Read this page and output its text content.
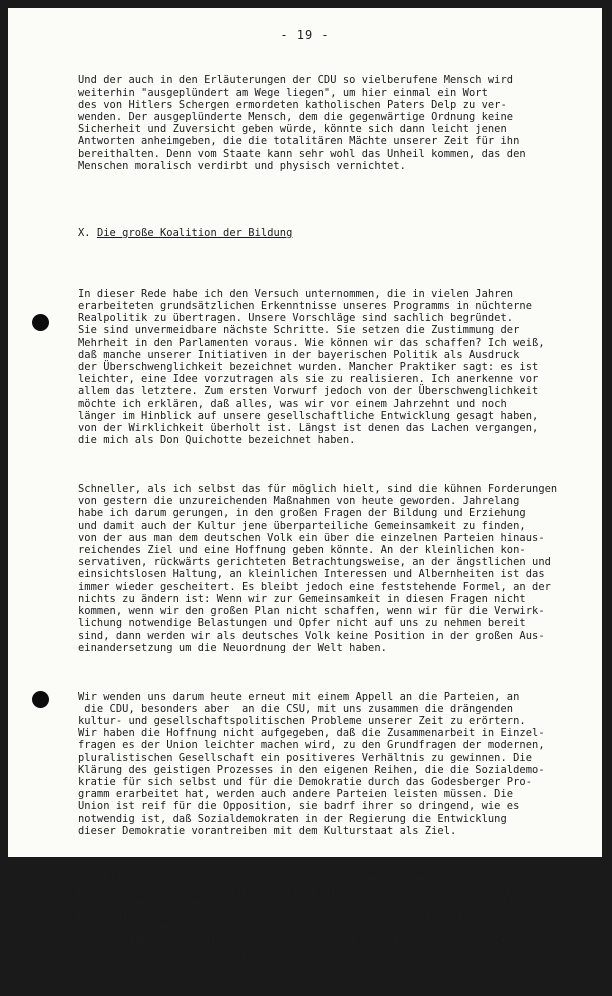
- 19 -

Und der auch in den Erläuterungen der CDU so vielberufene Mensch wird
weiterhin "ausgeplündert am Wege liegen", um hier einmal ein Wort
des von Hitlers Schergen ermordeten katholischen Paters Delp zu ver-
wenden. Der ausgeplünderte Mensch, dem die gegenwärtige Ordnung keine
Sicherheit und Zuversicht geben würde, könnte sich dann leicht jenen
Antworten anheimgeben, die die totalitären Mächte unserer Zeit für ihn
bereithalten. Denn vom Staate kann sehr wohl das Unheil kommen, das den
Menschen moralisch verdirbt und physisch vernichtet.

X. Die große Koalition der Bildung

In dieser Rede habe ich den Versuch unternommen, die in vielen Jahren
erarbeiteten grundsätzlichen Erkenntnisse unseres Programms in nüchterne
Realpolitik zu übertragen. Unsere Vorschläge sind sachlich begründet.
Sie sind unvermeidbare nächste Schritte. Sie setzen die Zustimmung der
Mehrheit in den Parlamenten voraus. Wie können wir das schaffen? Ich weiß,
daß manche unserer Initiativen in der bayerischen Politik als Ausdruck
der Überschwenglichkeit bezeichnet wurden. Mancher Praktiker sagt: es ist
leichter, eine Idee vorzutragen als sie zu realisieren. Ich anerkenne vor
allem das letztere. Zum ersten Vorwurf jedoch von der Überschwenglichkeit
möchte ich erklären, daß alles, was wir vor einem Jahrzehnt und noch
länger im Hinblick auf unsere gesellschaftliche Entwicklung gesagt haben,
von der Wirklichkeit überholt ist. Längst ist denen das Lachen vergangen,
die mich als Don Quichotte bezeichnet haben.

Schneller, als ich selbst das für möglich hielt, sind die kühnen Forderungen
von gestern die unzureichenden Maßnahmen von heute geworden. Jahrelang
habe ich darum gerungen, in den großen Fragen der Bildung und Erziehung
und damit auch der Kultur jene überparteiliche Gemeinsamkeit zu finden,
von der aus man dem deutschen Volk ein über die einzelnen Parteien hinaus-
reichendes Ziel und eine Hoffnung geben könnte. An der kleinlichen kon-
servativen, rückwärts gerichteten Betrachtungsweise, an der ängstlichen und
einsichtslosen Haltung, an kleinlichen Interessen und Albernheiten ist das
immer wieder gescheitert. Es bleibt jedoch eine feststehende Formel, an der
nichts zu ändern ist: Wenn wir zur Gemeinsamkeit in diesen Fragen nicht
kommen, wenn wir den großen Plan nicht schaffen, wenn wir für die Verwirk-
lichung notwendige Belastungen und Opfer nicht auf uns zu nehmen bereit
sind, dann werden wir als deutsches Volk keine Position in der großen Aus-
einandersetzung um die Neuordnung der Welt haben.

Wir wenden uns darum heute erneut mit einem Appell an die Parteien, an
die CDU, besonders aber  an die CSU, mit uns zusammen die drängenden
kultur- und gesellschaftspolitischen Probleme unserer Zeit zu erörtern.
Wir haben die Hoffnung nicht aufgegeben, daß die Zusammenarbeit in Einzel-
fragen es der Union leichter machen wird, zu den Grundfragen der modernen,
pluralistischen Gesellschaft ein positiveres Verhältnis zu gewinnen. Die
Klärung des geistigen Prozesses in den eigenen Reihen, die die Sozialdemo-
kratie für sich selbst und für die Demokratie durch das Godesberger Pro-
gramm erarbeitet hat, werden auch andere Parteien leisten müssen. Die
Union ist reif für die Opposition, sie badrf ihrer so dringend, wie es
notwendig ist, daß Sozialdemokraten in der Regierung die Entwicklung
dieser Demokratie vorantreiben mit dem Kulturstaat als Ziel.

Die Bildungsgesellschaft muß kommen. Sie muß gewollt werden und sie wird
nur kommen, wenn es möglich ist, die Kräfte des ganzen deutschen Volkes
zu vereinen. Zu diesem Zweck schlage ich noch einmal vor, daß führende
Persönlichkeiten unserer Parteien zu einer gemeinsamen Politik auf diesem
Gebiet vereinen. Die große Koalition der Bildung ist unabdingbare Voraus-
setzung für die Mobilisierung aller Kräfte in der Bundesrepublik. Ich sage
das inmitten eines Wahlkampfes, der uns in der Tat erneut zeigt, wie kurz-
